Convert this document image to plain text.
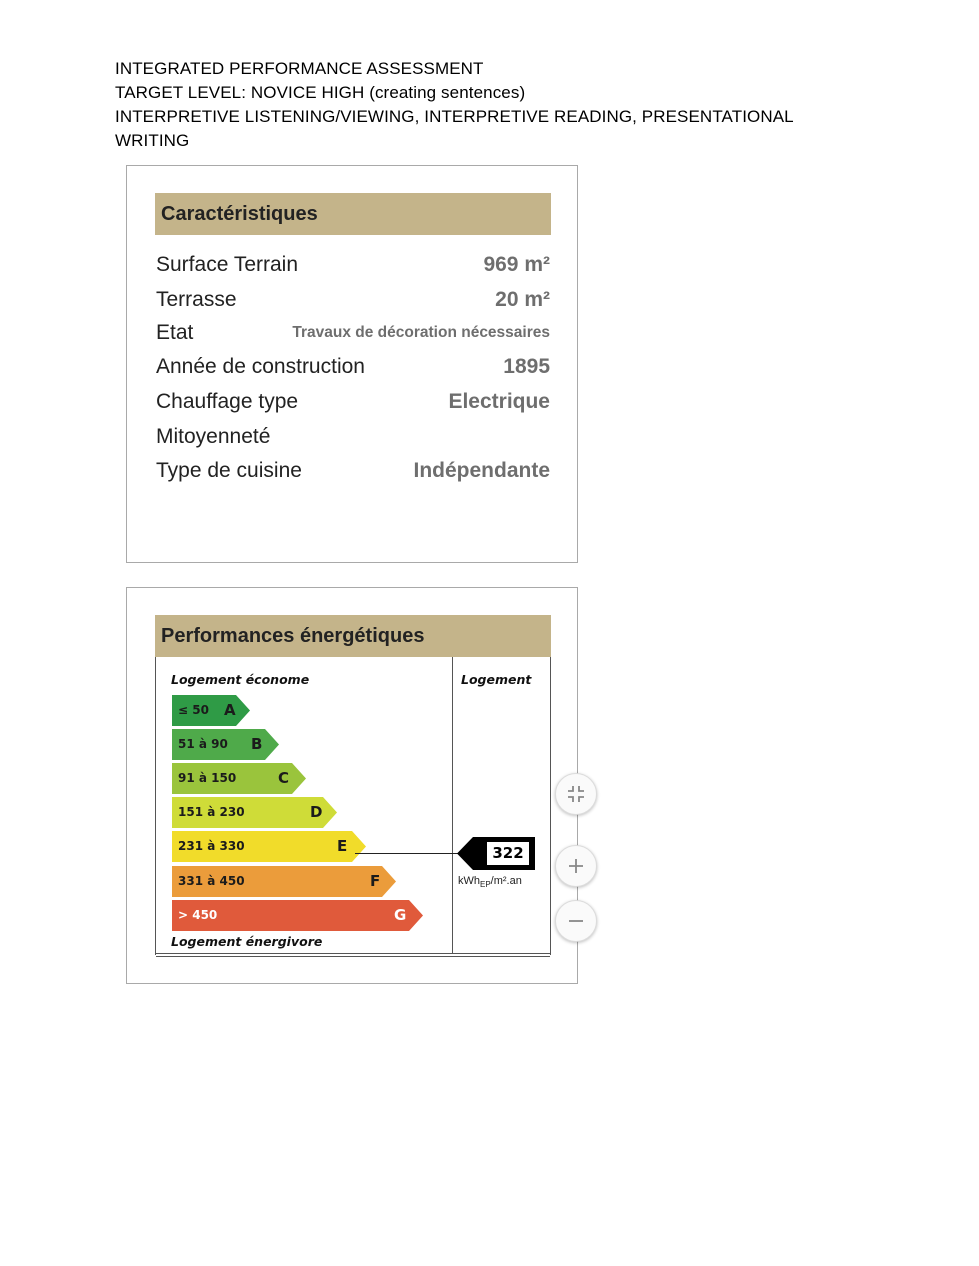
INTEGRATED PERFORMANCE ASSESSMENT
TARGET LEVEL: NOVICE HIGH (creating sentences)
INTERPRETIVE LISTENING/VIEWING, INTERPRETIVE READING, PRESENTATIONAL
WRITING
Caractéristiques
Surface Terrain	969 m²
Terrasse	20 m²
Etat	Travaux de décoration nécessaires
Année de construction	1895
Chauffage type	Electrique
Mitoyenneté
Type de cuisine	Indépendante
Performances énergétiques
Logement économe
Logement énergivore
Logement
≤ 50 A
51 à 90 B
91 à 150	C
151 à 230	D
231 à 330	E
331 à 450	F
> 450	G
322
kWh$_{EP}$/m².an
